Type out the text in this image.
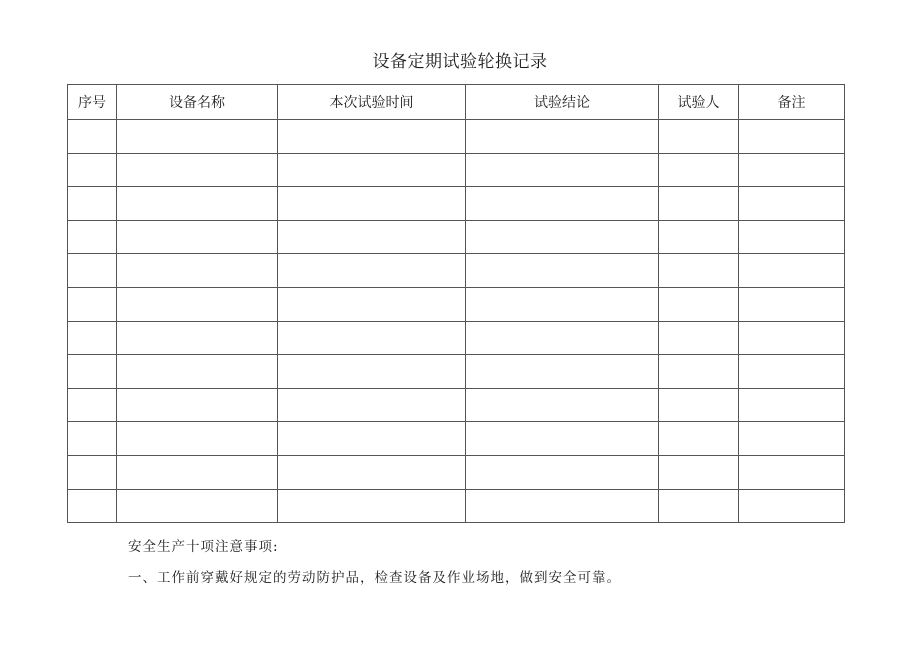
设备定期试验轮换记录
序号	设备名称	本次试验时间	试验结论	试验人	备注

安全生产十项注意事项:
一、工作前穿戴好规定的劳动防护品，检查设备及作业场地，做到安全可靠。
